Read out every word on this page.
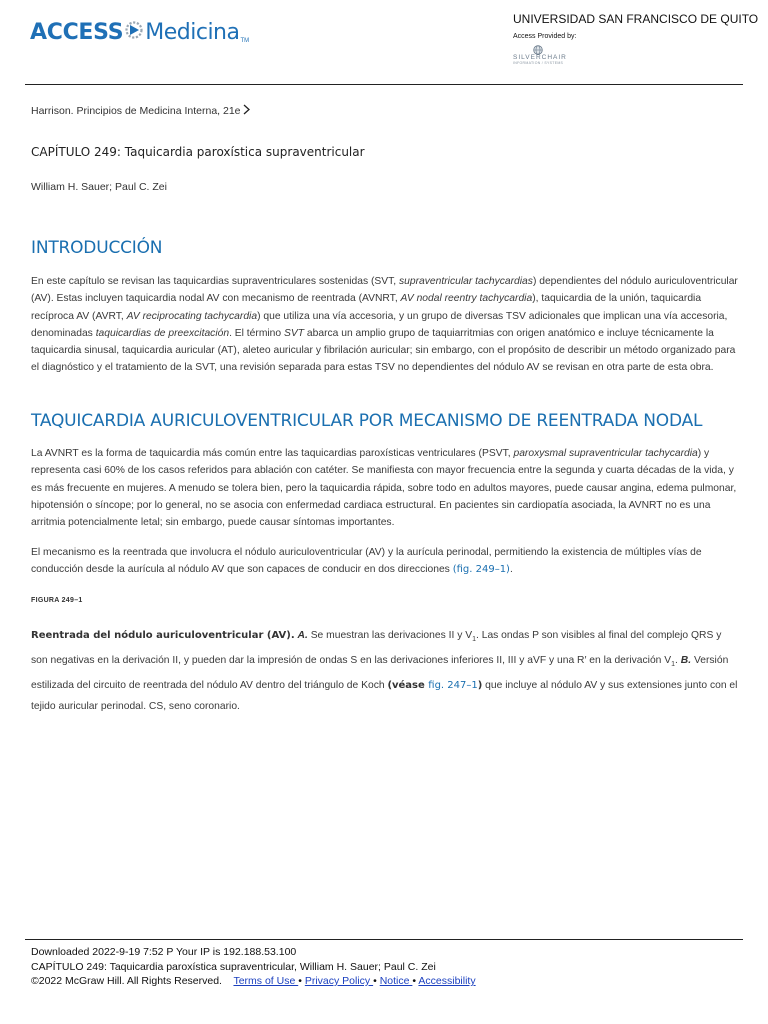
ACCESS Medicina TM
UNIVERSIDAD SAN FRANCISCO DE QUITO
Access Provided by:
SILVERCHAIR
INFORMATION / SYSTEMS
Harrison. Principios de Medicina Interna, 21e
CAPÍTULO 249: Taquicardia paroxística supraventricular
William H. Sauer; Paul C. Zei
INTRODUCCIÓN

En este capítulo se revisan las taquicardias supraventriculares sostenidas (SVT, supraventricular tachycardias) dependientes del nódulo auriculoventricular (AV). Estas incluyen taquicardia nodal AV con mecanismo de reentrada (AVNRT, AV nodal reentry tachycardia), taquicardia de la unión, taquicardia recíproca AV (AVRT, AV reciprocating tachycardia) que utiliza una vía accesoria, y un grupo de diversas TSV adicionales que implican una vía accesoria, denominadas taquicardias de preexcitación. El término SVT abarca un amplio grupo de taquiarritmias con origen anatómico e incluye técnicamente la taquicardia sinusal, taquicardia auricular (AT), aleteo auricular y fibrilación auricular; sin embargo, con el propósito de describir un método organizado para el diagnóstico y el tratamiento de la SVT, una revisión separada para estas TSV no dependientes del nódulo AV se revisan en otra parte de esta obra.

TAQUICARDIA AURICULOVENTRICULAR POR MECANISMO DE REENTRADA NODAL

La AVNRT es la forma de taquicardia más común entre las taquicardias paroxísticas ventriculares (PSVT, paroxysmal supraventricular tachycardia) y representa casi 60% de los casos referidos para ablación con catéter. Se manifiesta con mayor frecuencia entre la segunda y cuarta décadas de la vida, y es más frecuente en mujeres. A menudo se tolera bien, pero la taquicardia rápida, sobre todo en adultos mayores, puede causar angina, edema pulmonar, hipotensión o síncope; por lo general, no se asocia con enfermedad cardiaca estructural. En pacientes sin cardiopatía asociada, la AVNRT no es una arritmia potencialmente letal; sin embargo, puede causar síntomas importantes.

El mecanismo es la reentrada que involucra el nódulo auriculoventricular (AV) y la aurícula perinodal, permitiendo la existencia de múltiples vías de conducción desde la aurícula al nódulo AV que son capaces de conducir en dos direcciones (fig. 249–1).

FIGURA 249–1

Reentrada del nódulo auriculoventricular (AV). A. Se muestran las derivaciones II y $V_1$. Las ondas P son visibles al final del complejo QRS y son negativas en la derivación II, y pueden dar la impresión de ondas S en las derivaciones inferiores II, III y aVF y una R′ en la derivación $V_1$. B. Versión estilizada del circuito de reentrada del nódulo AV dentro del triángulo de Koch (véase fig. 247–1) que incluye al nódulo AV y sus extensiones junto con el tejido auricular perinodal. CS, seno coronario.

Downloaded 2022-9-19 7:52 P Your IP is 192.188.53.100
CAPÍTULO 249: Taquicardia paroxística supraventricular, William H. Sauer; Paul C. Zei
©2022 McGraw Hill. All Rights Reserved. Terms of Use • Privacy Policy • Notice • Accessibility
